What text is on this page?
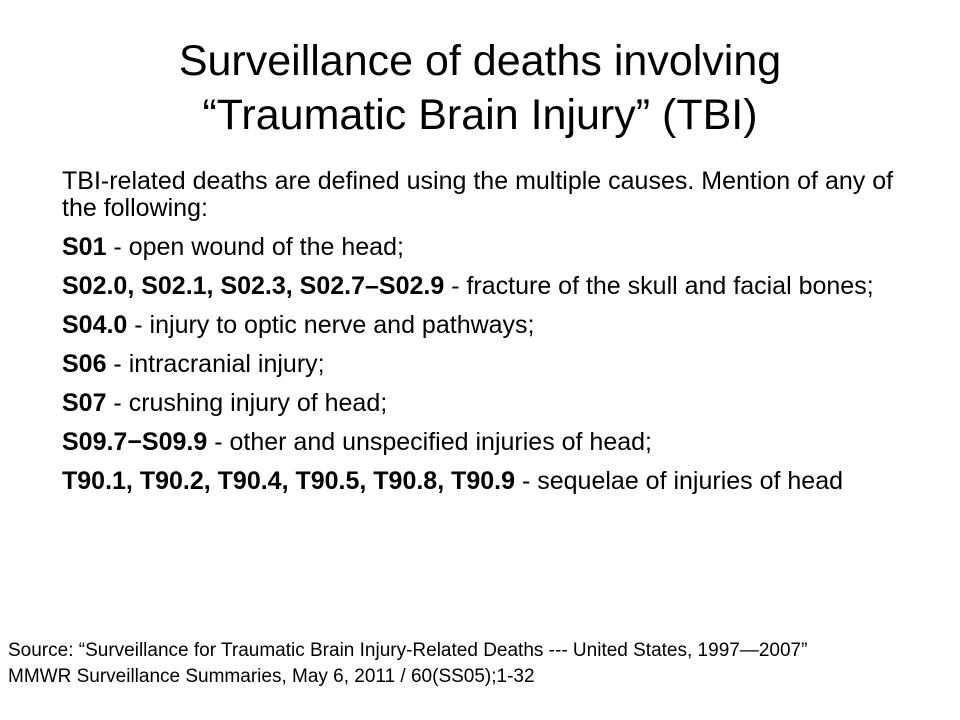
Surveillance of deaths involving
“Traumatic Brain Injury” (TBI)
TBI-related deaths are defined using the multiple causes. Mention of any of the following:
S01 - open wound of the head;
S02.0, S02.1, S02.3, S02.7–S02.9 - fracture of the skull and facial bones;
S04.0 - injury to optic nerve and pathways;
S06 - intracranial injury;
S07 - crushing injury of head;
S09.7−S09.9 - other and unspecified injuries of head;
T90.1, T90.2, T90.4, T90.5, T90.8, T90.9 - sequelae of injuries of head
Source: “Surveillance for Traumatic Brain Injury-Related Deaths --- United States, 1997—2007”
MMWR Surveillance Summaries, May 6, 2011 / 60(SS05);1-32
